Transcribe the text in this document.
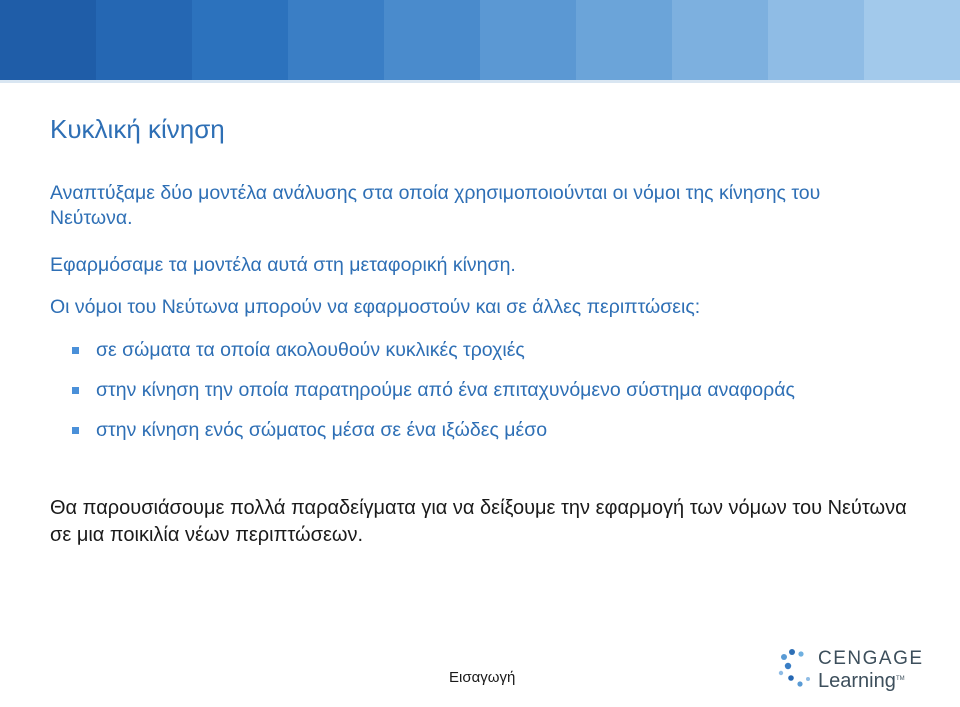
Κυκλική κίνηση

Αναπτύξαμε δύο μοντέλα ανάλυσης στα οποία χρησιμοποιούνται οι νόμοι της κίνησης του Νεύτωνα.

Εφαρμόσαμε τα μοντέλα αυτά στη μεταφορική κίνηση.

Οι νόμοι του Νεύτωνα μπορούν να εφαρμοστούν και σε άλλες περιπτώσεις:

σε σώματα τα οποία ακολουθούν κυκλικές τροχιές
στην κίνηση την οποία παρατηρούμε από ένα επιταχυνόμενο σύστημα αναφοράς
στην κίνηση ενός σώματος μέσα σε ένα ιξώδες μέσο

Θα παρουσιάσουμε πολλά παραδείγματα για να δείξουμε την εφαρμογή των νόμων του Νεύτωνα σε μια ποικιλία νέων περιπτώσεων.

Εισαγωγή
CENGAGE
Learning TM
